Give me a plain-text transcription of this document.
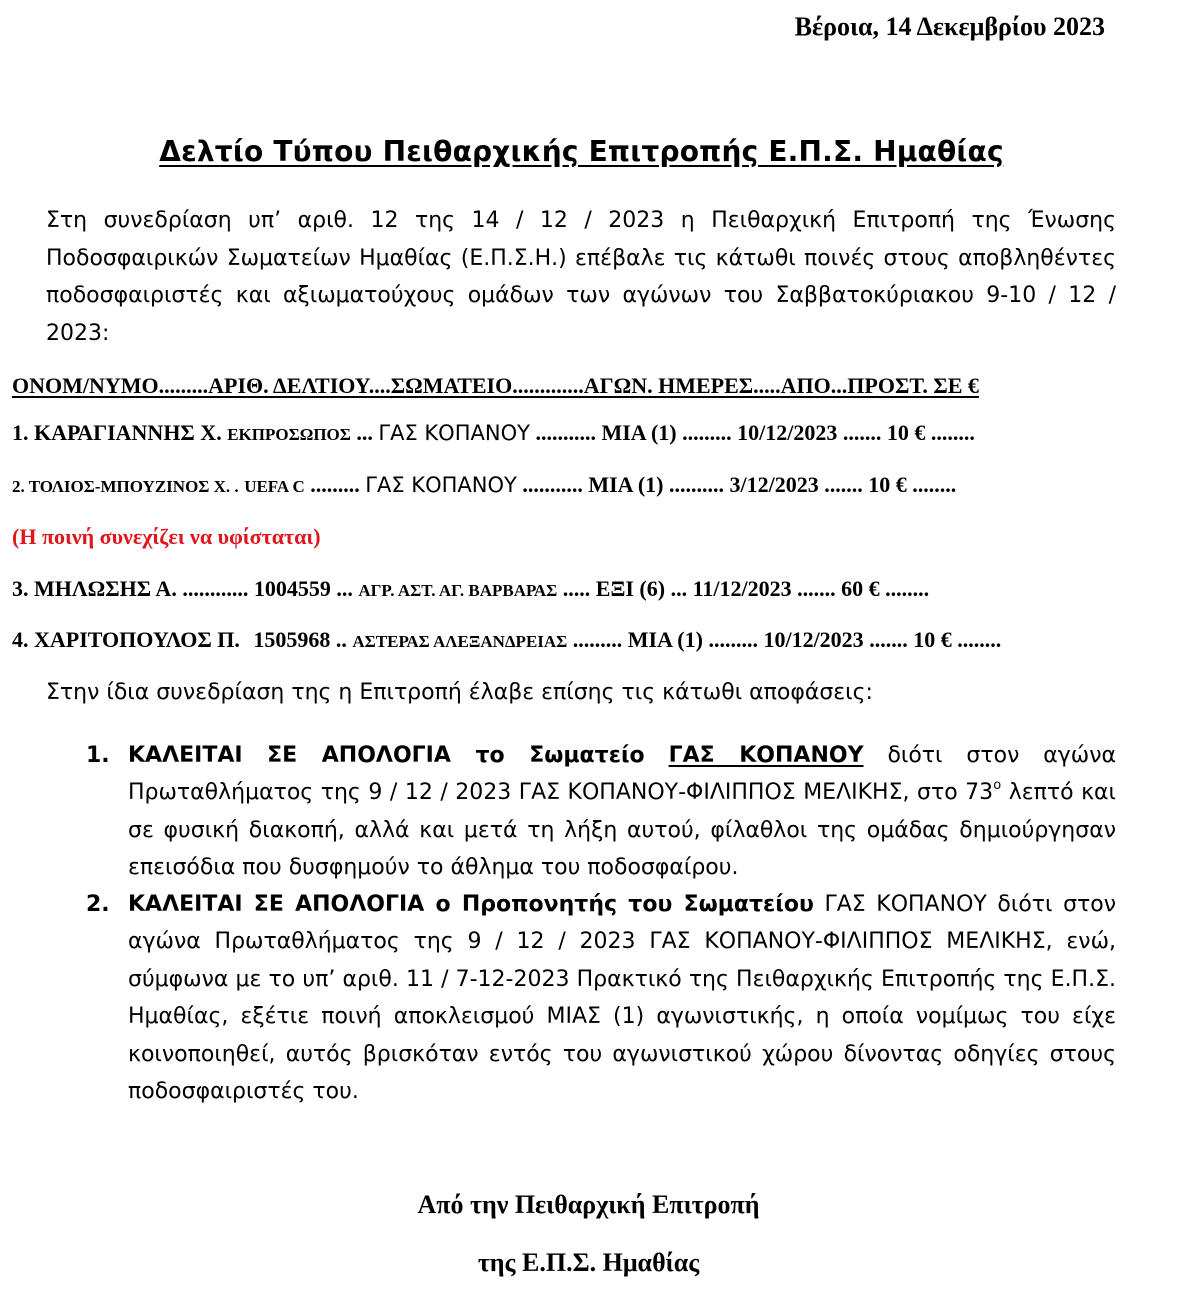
Βέροια, 14 Δεκεμβρίου 2023
Δελτίο Τύπου Πειθαρχικής Επιτροπής Ε.Π.Σ. Ημαθίας
Στη συνεδρίαση υπ’ αριθ. 12 της 14 / 12 / 2023 η Πειθαρχική Επιτροπή της Ένωσης Ποδοσφαιρικών Σωματείων Ημαθίας (Ε.Π.Σ.Η.) επέβαλε τις κάτωθι ποινές στους αποβληθέντες ποδοσφαιριστές και αξιωματούχους ομάδων των αγώνων του Σαββατοκύριακου 9-10 / 12 / 2023:
ΟΝΟΜ/ΝΥΜΟ.........ΑΡΙΘ. ΔΕΛΤΙΟΥ....ΣΩΜΑΤΕΙΟ.............ΑΓΩΝ. ΗΜΕΡΕΣ.....ΑΠΟ...ΠΡΟΣΤ. ΣΕ €
1. ΚΑΡΑΓΙΑΝΝΗΣ Χ. ΕΚΠΡΟΣΩΠΟΣ ... ΓΑΣ ΚΟΠΑΝΟΥ ........... ΜΙΑ (1) ......... 10/12/2023 ....... 10 € ........
2. ΤΟΛΙΟΣ-ΜΠΟΥΖΙΝΟΣ Χ. . UEFA C ......... ΓΑΣ ΚΟΠΑΝΟΥ ........... ΜΙΑ (1) .......... 3/12/2023 ....... 10 € ........
(Η ποινή συνεχίζει να υφίσταται)
3. ΜΗΛΩΣΗΣ Α. ............ 1004559 ... ΑΓΡ. ΑΣΤ. ΑΓ. ΒΑΡΒΑΡΑΣ ..... ΕΞΙ (6) ... 11/12/2023 ....... 60 € ........
4. ΧΑΡΙΤΟΠΟΥΛΟΣ Π. 1505968 .. ΑΣΤΕΡΑΣ ΑΛΕΞΑΝΔΡΕΙΑΣ ......... ΜΙΑ (1) ......... 10/12/2023 ....... 10 € ........
Στην ίδια συνεδρίαση της η Επιτροπή έλαβε επίσης τις κάτωθι αποφάσεις:
1. ΚΑΛΕΙΤΑΙ ΣΕ ΑΠΟΛΟΓΙΑ το Σωματείο ΓΑΣ ΚΟΠΑΝΟΥ διότι στον αγώνα Πρωταθλήματος της 9 / 12 / 2023 ΓΑΣ ΚΟΠΑΝΟΥ-ΦΙΛΙΠΠΟΣ ΜΕΛΙΚΗΣ, στο $73^o$ λεπτό και σε φυσική διακοπή, αλλά και μετά τη λήξη αυτού, φίλαθλοι της ομάδας δημιούργησαν επεισόδια που δυσφημούν το άθλημα του ποδοσφαίρου.
2. ΚΑΛΕΙΤΑΙ ΣΕ ΑΠΟΛΟΓΙΑ ο Προπονητής του Σωματείου ΓΑΣ ΚΟΠΑΝΟΥ διότι στον αγώνα Πρωταθλήματος της 9 / 12 / 2023 ΓΑΣ ΚΟΠΑΝΟΥ-ΦΙΛΙΠΠΟΣ ΜΕΛΙΚΗΣ, ενώ, σύμφωνα με το υπ’ αριθ. 11 / 7-12-2023 Πρακτικό της Πειθαρχικής Επιτροπής της Ε.Π.Σ. Ημαθίας, εξέτιε ποινή αποκλεισμού ΜΙΑΣ (1) αγωνιστικής, η οποία νομίμως του είχε κοινοποιηθεί, αυτός βρισκόταν εντός του αγωνιστικού χώρου δίνοντας οδηγίες στους ποδοσφαιριστές του.
Από την Πειθαρχική Επιτροπή
της Ε.Π.Σ. Ημαθίας
